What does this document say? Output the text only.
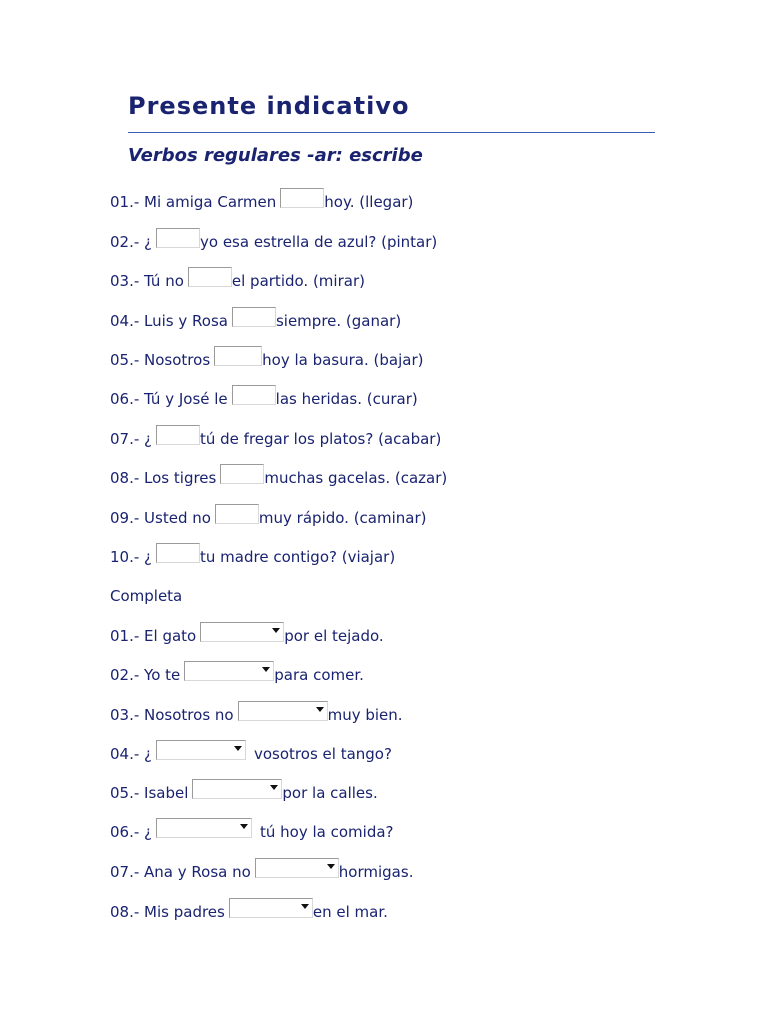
Presente indicativo
Verbos regulares -ar: escribe
01.- Mi amiga Carmen	hoy. (llegar)
02.- ¿	yo esa estrella de azul? (pintar)
03.- Tú no	el partido. (mirar)
04.- Luis y Rosa	siempre. (ganar)
05.- Nosotros	hoy la basura. (bajar)
06.- Tú y José le	las heridas. (curar)
07.- ¿	tú de fregar los platos? (acabar)
08.- Los tigres	muchas gacelas. (cazar)
09.- Usted no	muy rápido. (caminar)
10.- ¿	tu madre contigo? (viajar)
Completa
01.- El gato	por el tejado.
02.- Yo te	para comer.
03.- Nosotros no	muy bien.
04.- ¿	vosotros el tango?
05.- Isabel	por la calles.
06.- ¿	tú hoy la comida?
07.- Ana y Rosa no	hormigas.
08.- Mis padres	en el mar.
